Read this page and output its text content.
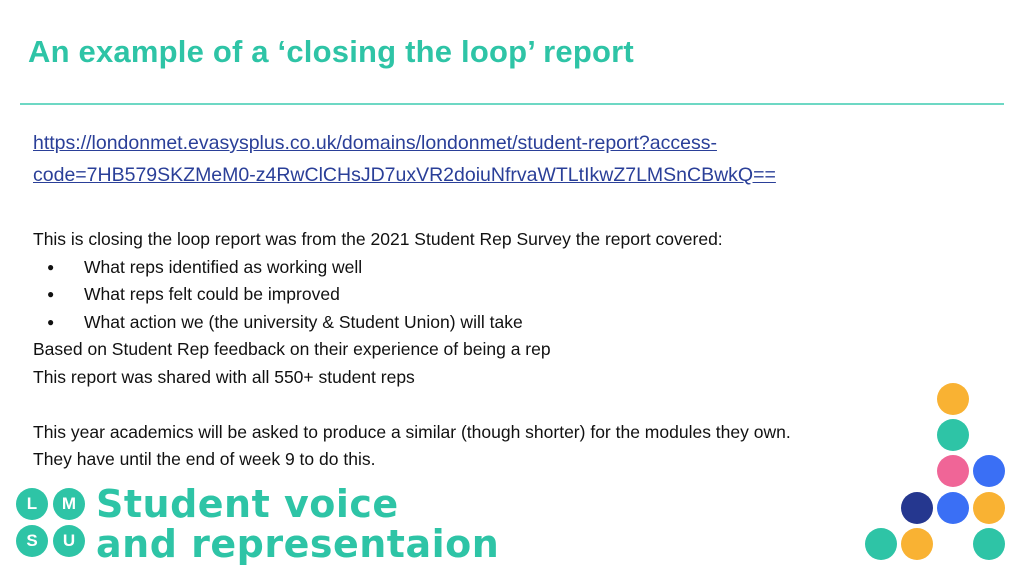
An example of a ‘closing the loop’ report
https://londonmet.evasysplus.co.uk/domains/londonmet/student-report?access-
code=7HB579SKZMeM0-z4RwClCHsJD7uxVR2doiuNfrvaWTLtIkwZ7LMSnCBwkQ==
This is closing the loop report was from the 2021 Student Rep Survey the report covered:
● What reps identified as working well
● What reps felt could be improved
● What action we (the university & Student Union) will take
Based on Student Rep feedback on their experience of being a rep
This report was shared with all 550+ student reps
This year academics will be asked to produce a similar (though shorter) for the modules they own.
They have until the end of week 9 to do this.
L	M
S	U
Student voice
and representaion
